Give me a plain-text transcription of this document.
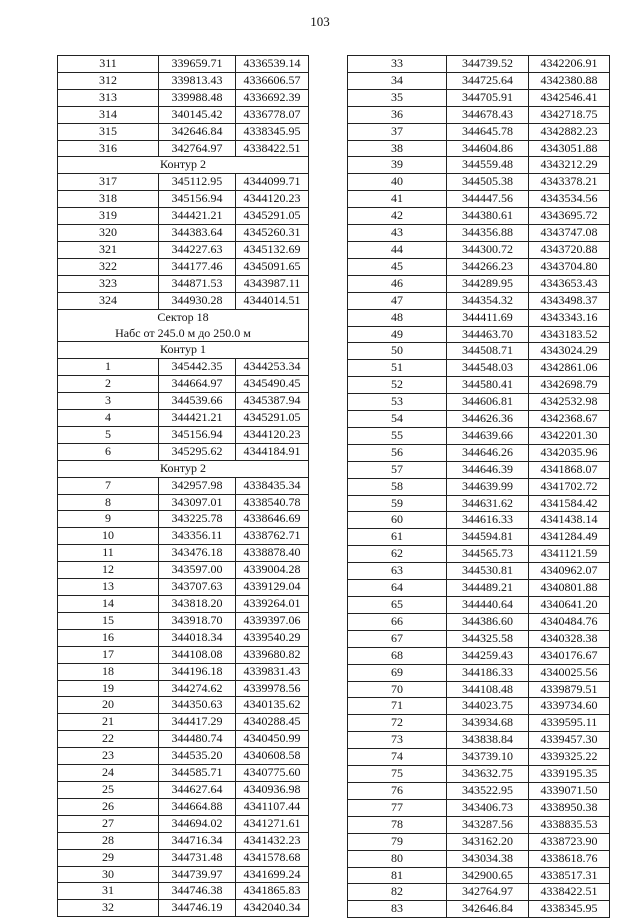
103
311	339659.71	4336539.14
312	339813.43	4336606.57
313	339988.48	4336692.39
314	340145.42	4336778.07
315	342646.84	4338345.95
316	342764.97	4338422.51
Контур 2		
317	345112.95	4344099.71
318	345156.94	4344120.23
319	344421.21	4345291.05
320	344383.64	4345260.31
321	344227.63	4345132.69
322	344177.46	4345091.65
323	344871.53	4343987.11
324	344930.28	4344014.51
Сектор 18		
Набс от 245.0 м до 250.0 м		
Контур 1		
1	345442.35	4344253.34
2	344664.97	4345490.45
3	344539.66	4345387.94
4	344421.21	4345291.05
5	345156.94	4344120.23
6	345295.62	4344184.91
Контур 2		
7	342957.98	4338435.34
8	343097.01	4338540.78
9	343225.78	4338646.69
10	343356.11	4338762.71
11	343476.18	4338878.40
12	343597.00	4339004.28
13	343707.63	4339129.04
14	343818.20	4339264.01
15	343918.70	4339397.06
16	344018.34	4339540.29
17	344108.08	4339680.82
18	344196.18	4339831.43
19	344274.62	4339978.56
20	344350.63	4340135.62
21	344417.29	4340288.45
22	344480.74	4340450.99
23	344535.20	4340608.58
24	344585.71	4340775.60
25	344627.64	4340936.98
26	344664.88	4341107.44
27	344694.02	4341271.61
28	344716.34	4341432.23
29	344731.48	4341578.68
30	344739.97	4341699.24
31	344746.38	4341865.83
32	344746.19	4342040.34
33	344739.52	4342206.91
34	344725.64	4342380.88
35	344705.91	4342546.41
36	344678.43	4342718.75
37	344645.78	4342882.23
38	344604.86	4343051.88
39	344559.48	4343212.29
40	344505.38	4343378.21
41	344447.56	4343534.56
42	344380.61	4343695.72
43	344356.88	4343747.08
44	344300.72	4343720.88
45	344266.23	4343704.80
46	344289.95	4343653.43
47	344354.32	4343498.37
48	344411.69	4343343.16
49	344463.70	4343183.52
50	344508.71	4343024.29
51	344548.03	4342861.06
52	344580.41	4342698.79
53	344606.81	4342532.98
54	344626.36	4342368.67
55	344639.66	4342201.30
56	344646.26	4342035.96
57	344646.39	4341868.07
58	344639.99	4341702.72
59	344631.62	4341584.42
60	344616.33	4341438.14
61	344594.81	4341284.49
62	344565.73	4341121.59
63	344530.81	4340962.07
64	344489.21	4340801.88
65	344440.64	4340641.20
66	344386.60	4340484.76
67	344325.58	4340328.38
68	344259.43	4340176.67
69	344186.33	4340025.56
70	344108.48	4339879.51
71	344023.75	4339734.60
72	343934.68	4339595.11
73	343838.84	4339457.30
74	343739.10	4339325.22
75	343632.75	4339195.35
76	343522.95	4339071.50
77	343406.73	4338950.38
78	343287.56	4338835.53
79	343162.20	4338723.90
80	343034.38	4338618.76
81	342900.65	4338517.31
82	342764.97	4338422.51
83	342646.84	4338345.95
